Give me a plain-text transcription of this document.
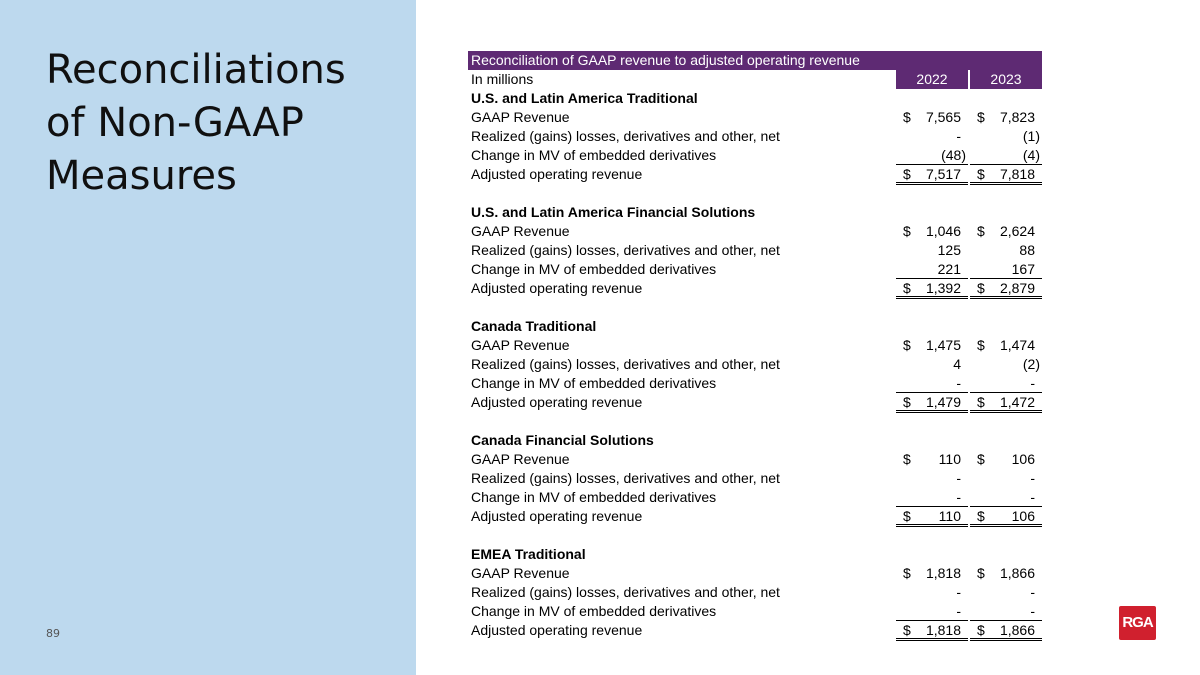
Reconciliations
of Non-GAAP
Measures
89
Reconciliation of GAAP revenue to adjusted operating revenue
In millions	2022	2023
U.S. and Latin America Traditional
GAAP Revenue	$ 7,565 $ 7,823
Realized (gains) losses, derivatives and other, net	-	(1)
Change in MV of embedded derivatives	(48)	(4)
Adjusted operating revenue	$ 7,517 $ 7,818
U.S. and Latin America Financial Solutions
GAAP Revenue	$ 1,046 $ 2,624
Realized (gains) losses, derivatives and other, net	125	88
Change in MV of embedded derivatives	221	167
Adjusted operating revenue	$ 1,392 $ 2,879
Canada Traditional
GAAP Revenue	$ 1,475 $ 1,474
Realized (gains) losses, derivatives and other, net	4	(2)
Change in MV of embedded derivatives	-	-
Adjusted operating revenue	$ 1,479 $ 1,472
Canada Financial Solutions
GAAP Revenue	$ 110 $ 106
Realized (gains) losses, derivatives and other, net	-	-
Change in MV of embedded derivatives	-	-
Adjusted operating revenue	$ 110 $ 106
EMEA Traditional
GAAP Revenue	$ 1,818 $ 1,866
Realized (gains) losses, derivatives and other, net	-	-
Change in MV of embedded derivatives	-	-
Adjusted operating revenue	$ 1,818 $ 1,866	RGA
